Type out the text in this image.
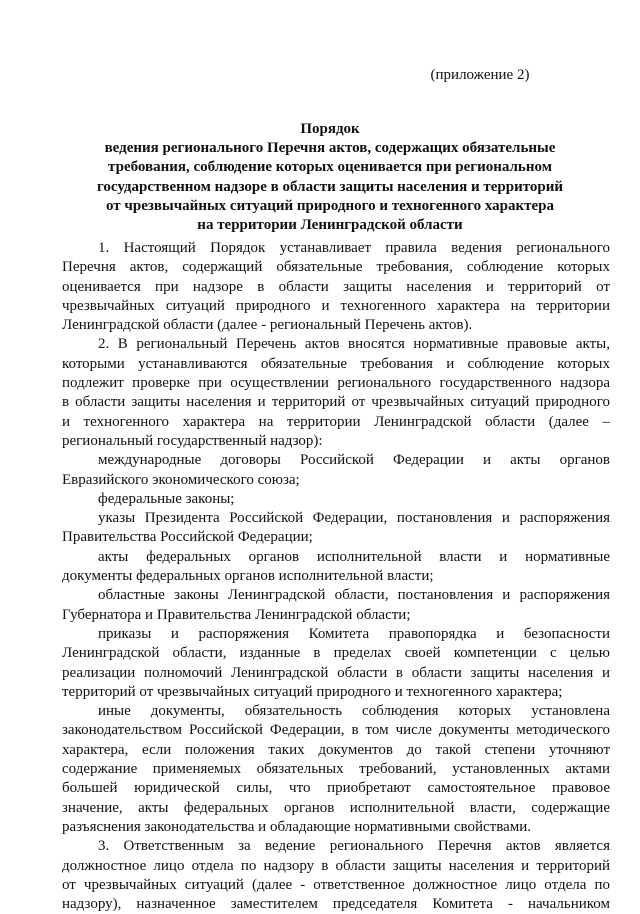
(приложение 2)
Порядок
ведения регионального Перечня актов, содержащих обязательные
требования, соблюдение которых оценивается при региональном
государственном надзоре в области защиты населения и территорий
от чрезвычайных ситуаций природного и техногенного характера
на территории Ленинградской области
1. Настоящий Порядок устанавливает правила ведения регионального
Перечня актов, содержащий обязательные требования, соблюдение которых
оценивается при надзоре в области защиты населения и территорий от
чрезвычайных ситуаций природного и техногенного характера на территории
Ленинградской области (далее - региональный Перечень актов).
2. В региональный Перечень актов вносятся нормативные правовые акты,
которыми устанавливаются обязательные требования и соблюдение которых
подлежит проверке при осуществлении регионального государственного надзора
в области защиты населения и территорий от чрезвычайных ситуаций природного
и техногенного характера на территории Ленинградской области (далее –
региональный государственный надзор):
международные договоры Российской Федерации и акты органов
Евразийского экономического союза;
федеральные законы;
указы Президента Российской Федерации, постановления и распоряжения
Правительства Российской Федерации;
акты федеральных органов исполнительной власти и нормативные
документы федеральных органов исполнительной власти;
областные законы Ленинградской области, постановления и распоряжения
Губернатора и Правительства Ленинградской области;
приказы и распоряжения Комитета правопорядка и безопасности
Ленинградской области, изданные в пределах своей компетенции с целью
реализации полномочий Ленинградской области в области защиты населения и
территорий от чрезвычайных ситуаций природного и техногенного характера;
иные документы, обязательность соблюдения которых установлена
законодательством Российской Федерации, в том числе документы методического
характера, если положения таких документов до такой степени уточняют
содержание применяемых обязательных требований, установленных актами
большей юридической силы, что приобретают самостоятельное правовое
значение, акты федеральных органов исполнительной власти, содержащие
разъяснения законодательства и обладающие нормативными свойствами.
3. Ответственным за ведение регионального Перечня актов является
должностное лицо отдела по надзору в области защиты населения и территорий
от чрезвычайных ситуаций (далее - ответственное должностное лицо отдела по
надзору), назначенное заместителем председателя Комитета - начальником
